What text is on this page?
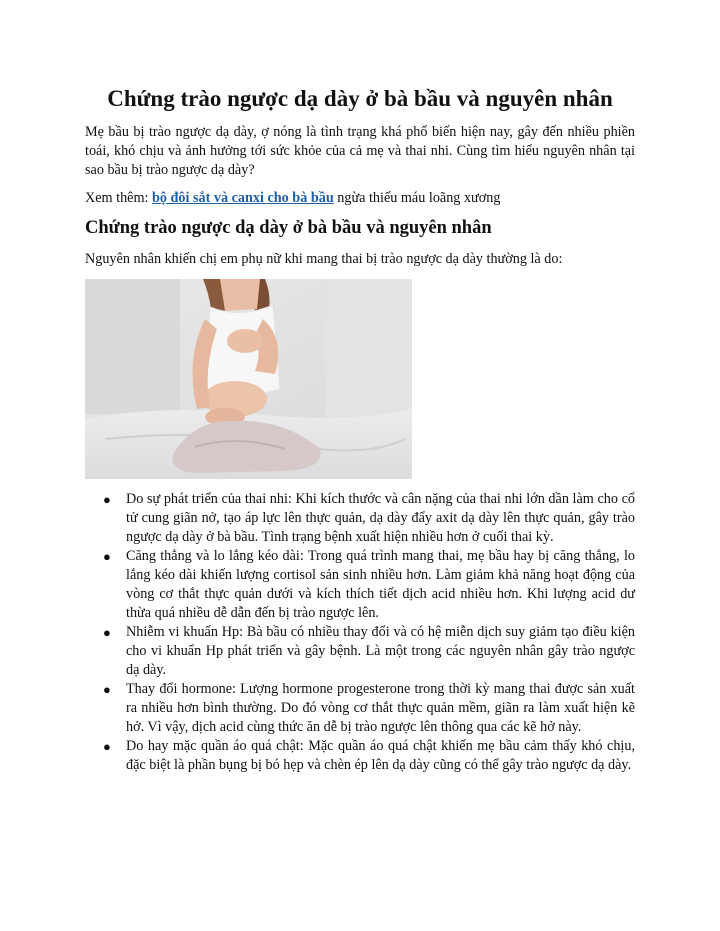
Chứng trào ngược dạ dày ở bà bầu và nguyên nhân

Mẹ bầu bị trào ngược dạ dày, ợ nóng là tình trạng khá phổ biến hiện nay, gây đến nhiều phiền toái, khó chịu và ảnh hưởng tới sức khỏe của cả mẹ và thai nhi. Cùng tìm hiểu nguyên nhân tại sao bầu bị trào ngược dạ dày?

Xem thêm: bộ đôi sắt và canxi cho bà bầu ngừa thiếu máu loãng xương

Chứng trào ngược dạ dày ở bà bầu và nguyên nhân

Nguyên nhân khiến chị em phụ nữ khi mang thai bị trào ngược dạ dày thường là do:

● Do sự phát triển của thai nhi: Khi kích thước và cân nặng của thai nhi lớn dần làm cho cổ tử cung giãn nở, tạo áp lực lên thực quản, dạ dày đẩy axit dạ dày lên thực quản, gây trào ngược dạ dày ở bà bầu. Tình trạng bệnh xuất hiện nhiều hơn ở cuối thai kỳ.
● Căng thẳng và lo lắng kéo dài: Trong quá trình mang thai, mẹ bầu hay bị căng thẳng, lo lắng kéo dài khiến lượng cortisol sản sinh nhiều hơn. Làm giảm khả năng hoạt động của vòng cơ thắt thực quản dưới và kích thích tiết dịch acid nhiều hơn. Khi lượng acid dư thừa quá nhiều dễ dẫn đến bị trào ngược lên.
● Nhiễm vi khuẩn Hp: Bà bầu có nhiều thay đổi và có hệ miễn dịch suy giảm tạo điều kiện cho vi khuẩn Hp phát triển và gây bệnh. Là một trong các nguyên nhân gây trào ngược dạ dày.
● Thay đổi hormone: Lượng hormone progesterone trong thời kỳ mang thai được sản xuất ra nhiều hơn bình thường. Do đó vòng cơ thắt thực quản mềm, giãn ra làm xuất hiện kẽ hở. Vì vậy, dịch acid cùng thức ăn dễ bị trào ngược lên thông qua các kẽ hở này.
● Do hay mặc quần áo quá chật: Mặc quần áo quá chật khiến mẹ bầu cảm thấy khó chịu, đặc biệt là phần bụng bị bó hẹp và chèn ép lên dạ dày cũng có thể gây trào ngược dạ dày.
